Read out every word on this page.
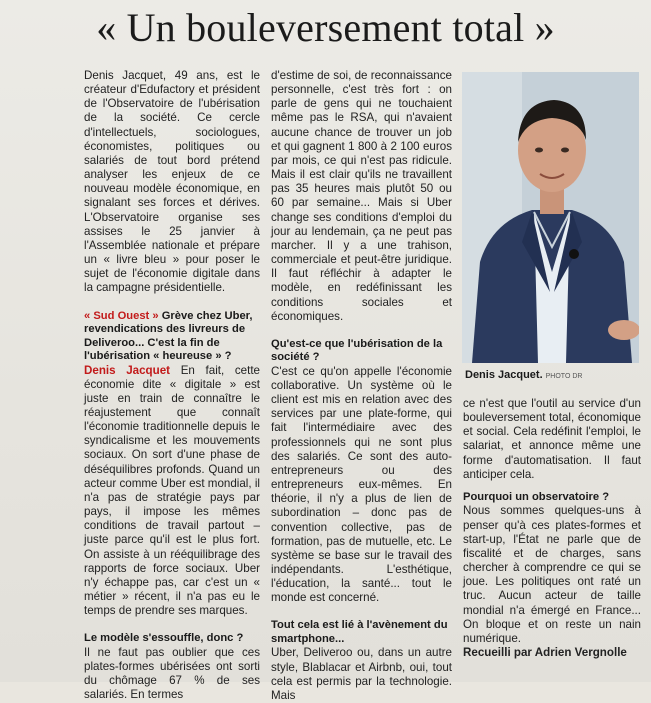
« Un bouleversement total »

Denis Jacquet, 49 ans, est le créateur d'Edufactory et président de l'Observatoire de l'ubérisation de la société. Ce cercle d'intellectuels, sociologues, économistes, politiques ou salariés de tout bord prétend analyser les enjeux de ce nouveau modèle économique, en signalant ses forces et dérives. L'Observatoire organise ses assises le 25 janvier à l'Assemblée nationale et prépare un « livre bleu » pour poser le sujet de l'économie digitale dans la campagne présidentielle.

« Sud Ouest » Grève chez Uber, revendications des livreurs de Deliveroo... C'est la fin de l'ubérisation « heureuse » ?

Denis Jacquet En fait, cette économie dite « digitale » est juste en train de connaître le réajustement que connaît l'économie traditionnelle depuis le syndicalisme et les mouvements sociaux. On sort d'une phase de déséquilibres profonds. Quand un acteur comme Uber est mondial, il n'a pas de stratégie pays par pays, il impose les mêmes conditions de travail partout – juste parce qu'il est le plus fort. On assiste à un rééquilibrage des rapports de force sociaux. Uber n'y échappe pas, car c'est un « métier » récent, il n'a pas eu le temps de prendre ses marques.

Le modèle s'essouffle, donc ?

Il ne faut pas oublier que ces plates-formes ubérisées ont sorti du chômage 67 % de ses salariés. En termes

d'estime de soi, de reconnaissance personnelle, c'est très fort : on parle de gens qui ne touchaient même pas le RSA, qui n'avaient aucune chance de trouver un job et qui gagnent 1 800 à 2 100 euros par mois, ce qui n'est pas ridicule. Mais il est clair qu'ils ne travaillent pas 35 heures mais plutôt 50 ou 60 par semaine... Mais si Uber change ses conditions d'emploi du jour au lendemain, ça ne peut pas marcher. Il y a une trahison, commerciale et peut-être juridique. Il faut réfléchir à adapter le modèle, en redéfinissant les conditions sociales et économiques.

Qu'est-ce que l'ubérisation de la société ?

C'est ce qu'on appelle l'économie collaborative. Un système où le client est mis en relation avec des services par une plate-forme, qui fait l'intermédiaire avec des professionnels qui ne sont plus des salariés. Ce sont des auto-entrepreneurs ou des entrepreneurs eux-mêmes. En théorie, il n'y a plus de lien de subordination – donc pas de convention collective, pas de formation, pas de mutuelle, etc. Le système se base sur le travail des indépendants. L'esthétique, l'éducation, la santé... tout le monde est concerné.

Tout cela est lié à l'avènement du smartphone...

Uber, Deliveroo ou, dans un autre style, Blablacar et Airbnb, oui, tout cela est permis par la technologie. Mais

Denis Jacquet. PHOTO DR

ce n'est que l'outil au service d'un bouleversement total, économique et social. Cela redéfinit l'emploi, le salariat, et annonce même une forme d'automatisation. Il faut anticiper cela.

Pourquoi un observatoire ?

Nous sommes quelques-uns à penser qu'à ces plates-formes et start-up, l'État ne parle que de fiscalité et de charges, sans chercher à comprendre ce qui se joue. Les politiques ont raté un truc. Aucun acteur de taille mondial n'a émergé en France... On bloque et on reste un nain numérique.

Recueilli par Adrien Vergnolle
